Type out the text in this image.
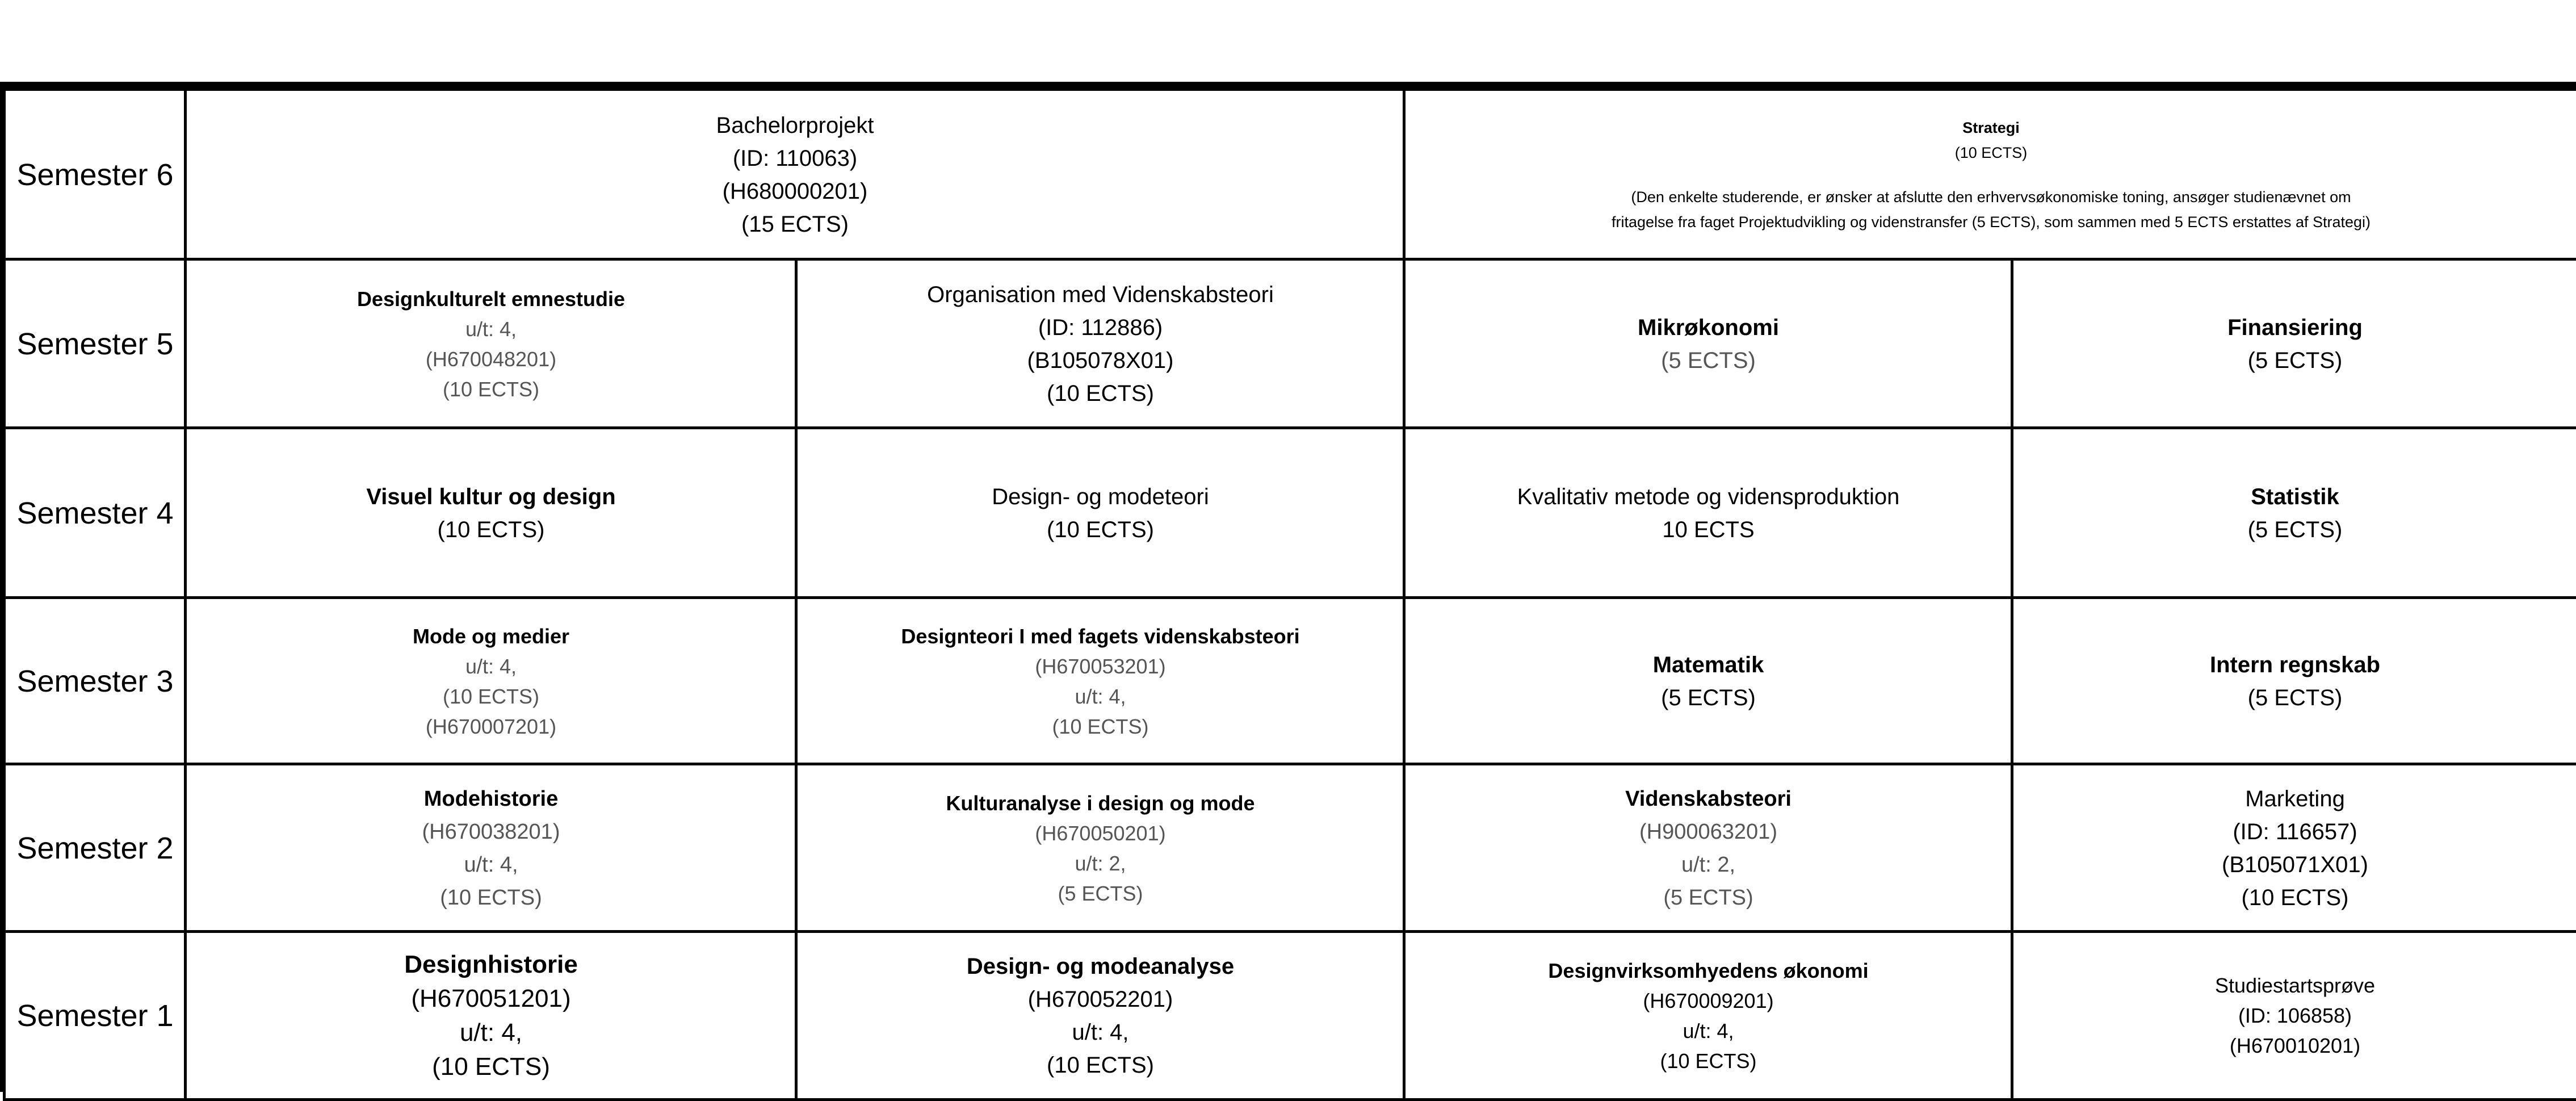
Semester 6
Bachelorprojekt
(ID: 110063)
(H680000201)
(15 ECTS)
Strategi
(10 ECTS)
(Den enkelte studerende, er ønsker at afslutte den erhvervsøkonomiske toning, ansøger studienævnet om
fritagelse fra faget Projektudvikling og videnstransfer (5 ECTS), som sammen med 5 ECTS erstattes af Strategi)
Semester 5
Designkulturelt emnestudie
u/t: 4,
(H670048201)
(10 ECTS)
Organisation med Videnskabsteori
(ID: 112886)
(B105078X01)
(10 ECTS)
Mikrøkonomi
(5 ECTS)
Finansiering
(5 ECTS)
Semester 4	Visuel kultur og design
(10 ECTS)
Design- og modeteori
(10 ECTS)
Kvalitativ metode og vidensproduktion
10 ECTS
Statistik
(5 ECTS)
Semester 3
Mode og medier
u/t: 4,
(10 ECTS)
(H670007201)
Designteori I med fagets videnskabsteori
(H670053201)
u/t: 4,
(10 ECTS)
Matematik
(5 ECTS)
Intern regnskab
(5 ECTS)
Semester 2
Modehistorie
(H670038201)
u/t: 4,
(10 ECTS)
Kulturanalyse i design og mode
(H670050201)
u/t: 2,
(5 ECTS)
Videnskabsteori
(H900063201)
u/t: 2,
(5 ECTS)
Marketing
(ID: 116657)
(B105071X01)
(10 ECTS)
Semester 1
Designhistorie
(H670051201)
u/t: 4,
(10 ECTS)
Design- og modeanalyse
(H670052201)
u/t: 4,
(10 ECTS)
Designvirksomhyedens økonomi
(H670009201)
u/t: 4,
(10 ECTS)
Studiestartsprøve
(ID: 106858)
(H670010201)
